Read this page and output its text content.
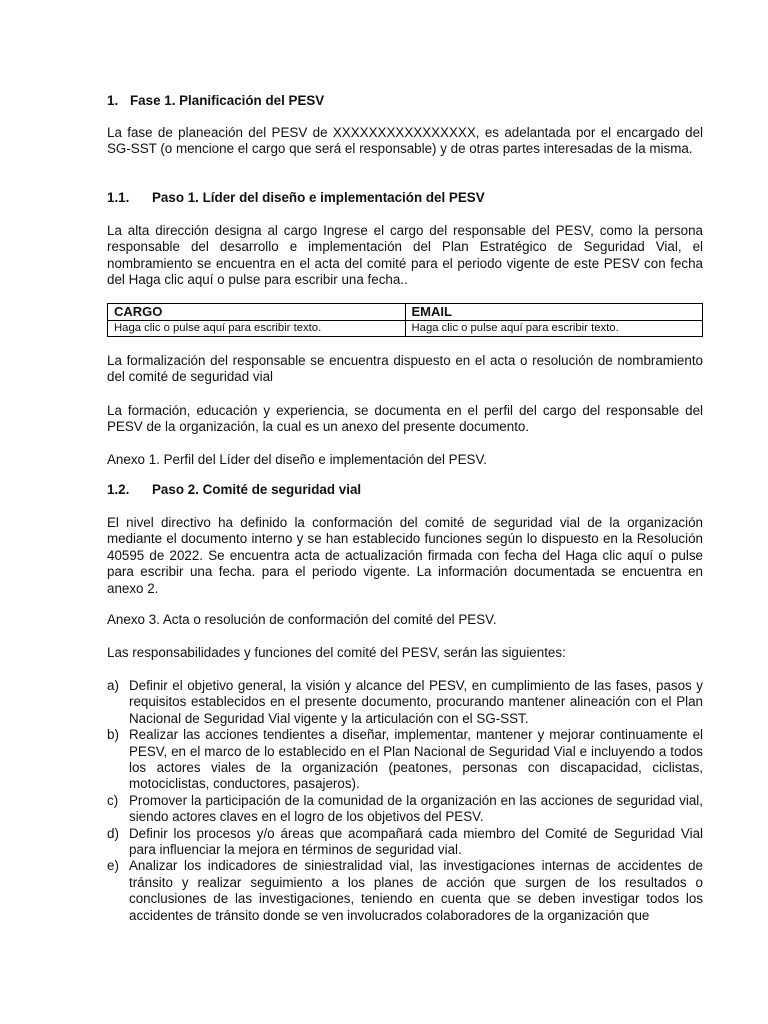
1. Fase 1. Planificación del PESV

La fase de planeación del PESV de XXXXXXXXXXXXXXXX, es adelantada por el encargado del SG-SST (o mencione el cargo que será el responsable) y de otras partes interesadas de la misma.

1.1. Paso 1. Líder del diseño e implementación del PESV

La alta dirección designa al cargo Ingrese el cargo del responsable del PESV, como la persona responsable del desarrollo e implementación del Plan Estratégico de Seguridad Vial, el nombramiento se encuentra en el acta del comité para el periodo vigente de este PESV con fecha del Haga clic aquí o pulse para escribir una fecha..

CARGO	EMAIL
Haga clic o pulse aquí para escribir texto.	Haga clic o pulse aquí para escribir texto.

La formalización del responsable se encuentra dispuesto en el acta o resolución de nombramiento del comité de seguridad vial

La formación, educación y experiencia, se documenta en el perfil del cargo del responsable del PESV de la organización, la cual es un anexo del presente documento.

Anexo 1. Perfil del Líder del diseño e implementación del PESV.

1.2. Paso 2. Comité de seguridad vial

El nivel directivo ha definido la conformación del comité de seguridad vial de la organización mediante el documento interno y se han establecido funciones según lo dispuesto en la Resolución 40595 de 2022. Se encuentra acta de actualización firmada con fecha del Haga clic aquí o pulse para escribir una fecha. para el periodo vigente. La información documentada se encuentra en anexo 2.

Anexo 3. Acta o resolución de conformación del comité del PESV.

Las responsabilidades y funciones del comité del PESV, serán las siguientes:

a) Definir el objetivo general, la visión y alcance del PESV, en cumplimiento de las fases, pasos y requisitos establecidos en el presente documento, procurando mantener alineación con el Plan Nacional de Seguridad Vial vigente y la articulación con el SG-SST.
b) Realizar las acciones tendientes a diseñar, implementar, mantener y mejorar continuamente el PESV, en el marco de lo establecido en el Plan Nacional de Seguridad Vial e incluyendo a todos los actores viales de la organización (peatones, personas con discapacidad, ciclistas, motociclistas, conductores, pasajeros).
c) Promover la participación de la comunidad de la organización en las acciones de seguridad vial, siendo actores claves en el logro de los objetivos del PESV.
d) Definir los procesos y/o áreas que acompañará cada miembro del Comité de Seguridad Vial para influenciar la mejora en términos de seguridad vial.
e) Analizar los indicadores de siniestralidad vial, las investigaciones internas de accidentes de tránsito y realizar seguimiento a los planes de acción que surgen de los resultados o conclusiones de las investigaciones, teniendo en cuenta que se deben investigar todos los accidentes de tránsito donde se ven involucrados colaboradores de la organización que
